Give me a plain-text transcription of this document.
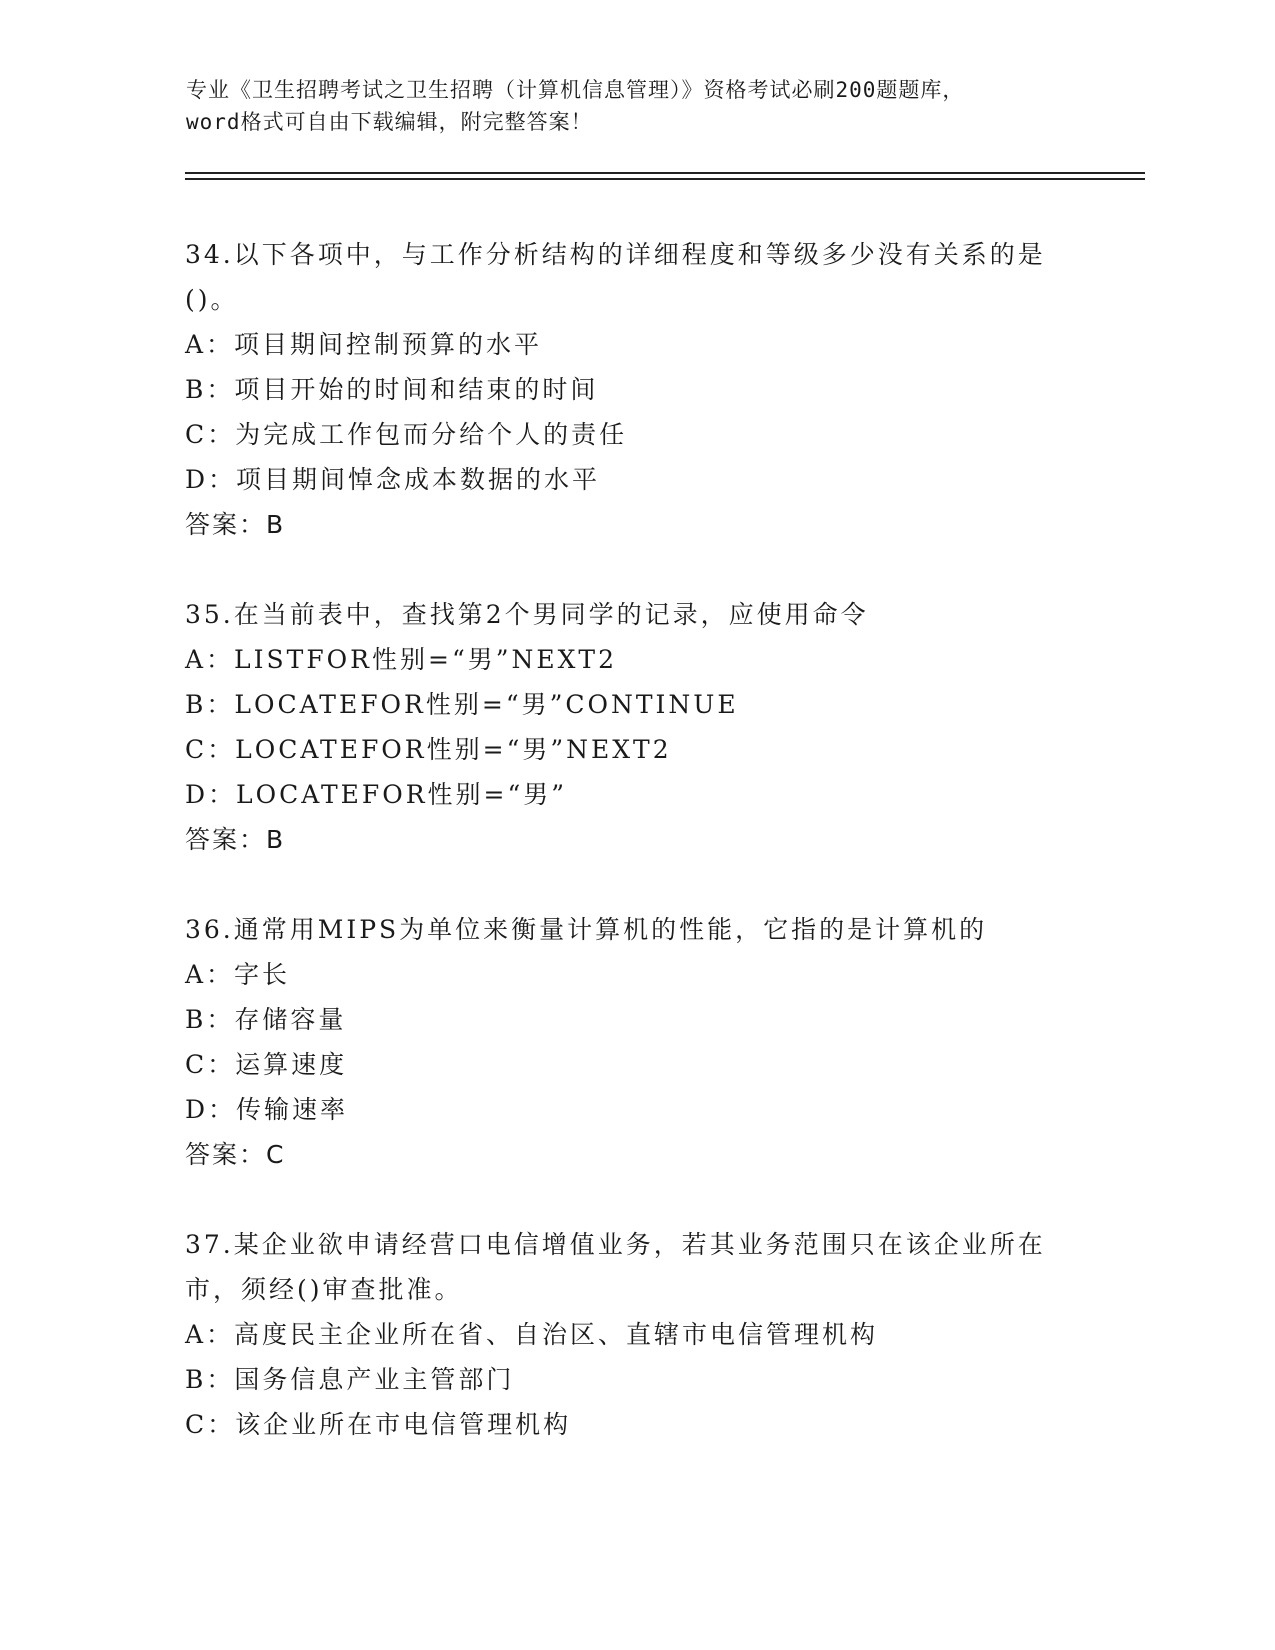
专业《卫生招聘考试之卫生招聘（计算机信息管理）》资格考试必刷200题题库，
word格式可自由下载编辑，附完整答案！

34.以下各项中，与工作分析结构的详细程度和等级多少没有关系的是()。

A：项目期间控制预算的水平

B：项目开始的时间和结束的时间

C：为完成工作包而分给个人的责任

D：项目期间悼念成本数据的水平

答案：B

35.在当前表中，查找第2个男同学的记录，应使用命令

A：LISTFOR性别=“男”NEXT2

B：LOCATEFOR性别=“男”CONTINUE

C：LOCATEFOR性别=“男”NEXT2

D：LOCATEFOR性别=“男”

答案：B

36.通常用MIPS为单位来衡量计算机的性能，它指的是计算机的

A：字长

B：存储容量

C：运算速度

D：传输速率

答案：C

37.某企业欲申请经营口电信增值业务，若其业务范围只在该企业所在市，须经()审查批准。

A：高度民主企业所在省、自治区、直辖市电信管理机构

B：国务信息产业主管部门

C：该企业所在市电信管理机构
